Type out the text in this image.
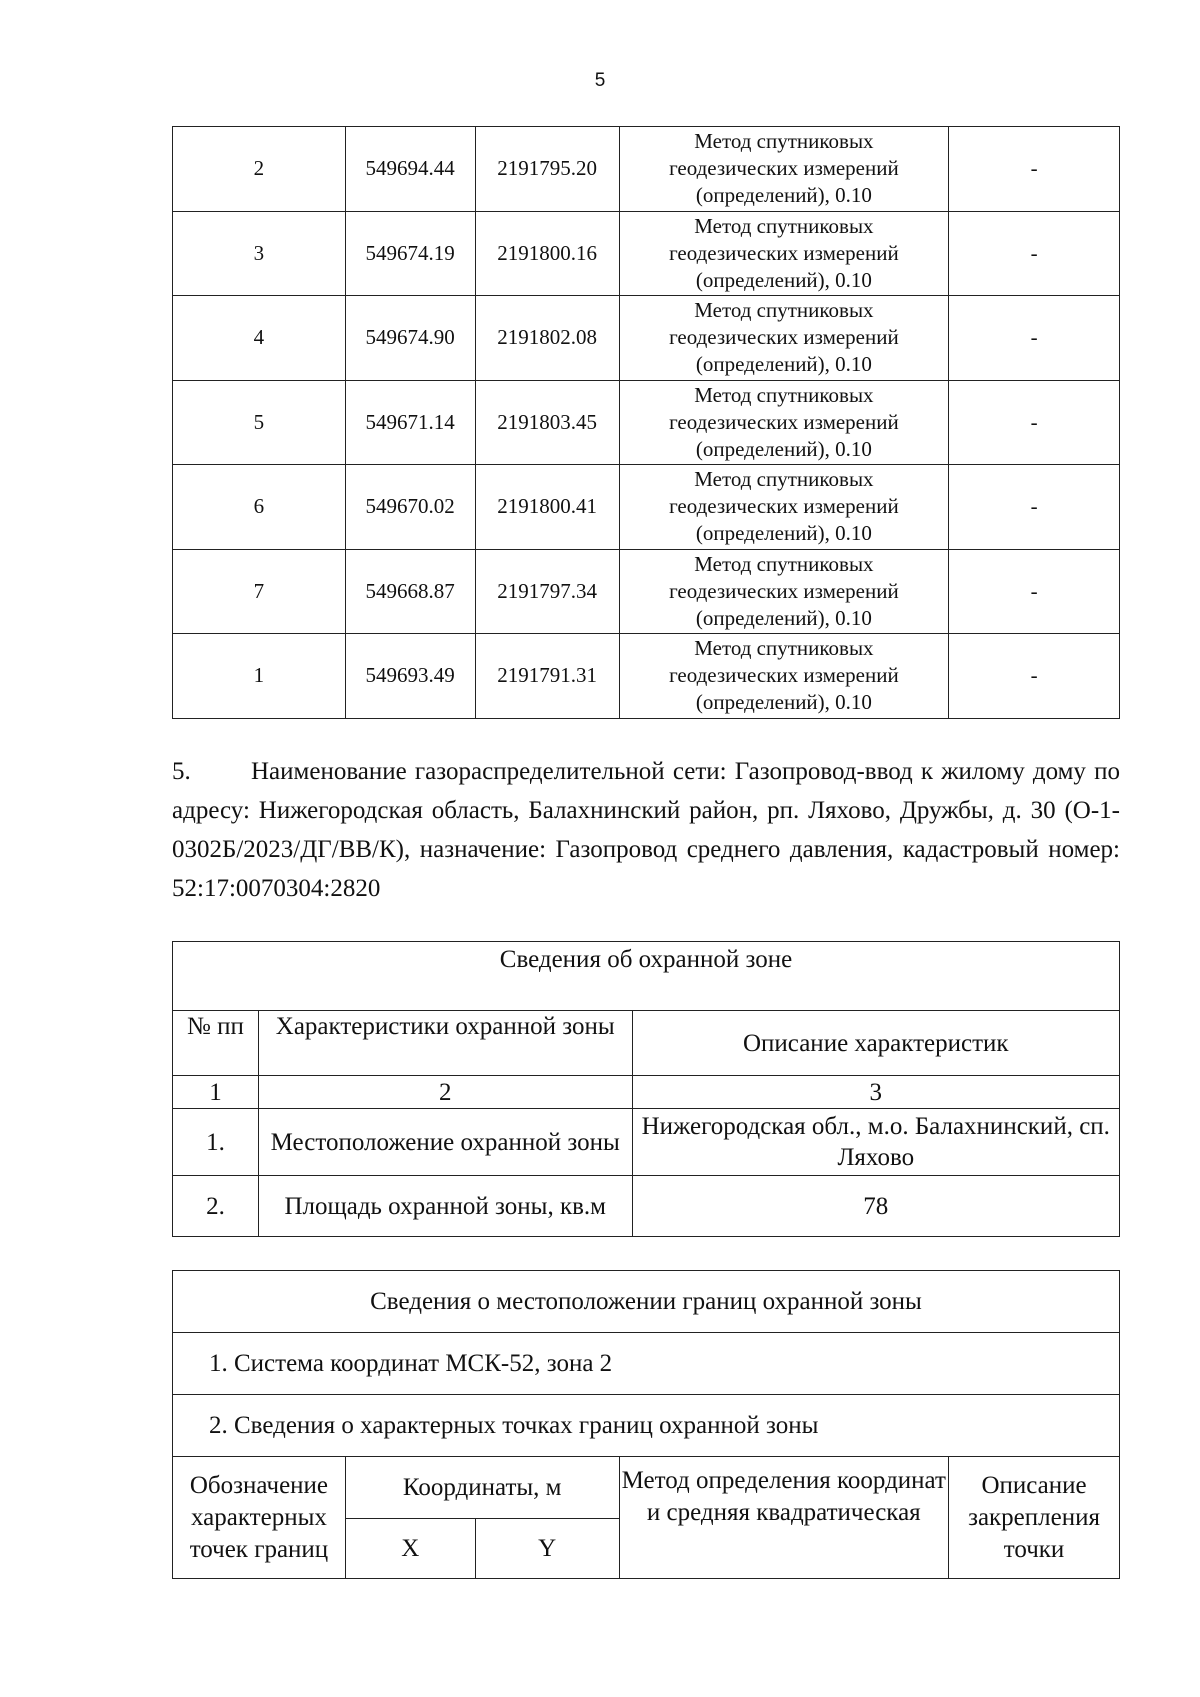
5
2	549694.44	2191795.20	Метод спутниковых
геодезических измерений
(определений), 0.10	-
3	549674.19	2191800.16	Метод спутниковых
геодезических измерений
(определений), 0.10	-
4	549674.90	2191802.08	Метод спутниковых
геодезических измерений
(определений), 0.10	-
5	549671.14	2191803.45	Метод спутниковых
геодезических измерений
(определений), 0.10	-
6	549670.02	2191800.41	Метод спутниковых
геодезических измерений
(определений), 0.10	-
7	549668.87	2191797.34	Метод спутниковых
геодезических измерений
(определений), 0.10	-
1	549693.49	2191791.31	Метод спутниковых
геодезических измерений
(определений), 0.10	-

5. Наименование газораспределительной сети: Газопровод-ввод к жилому дому по адресу: Нижегородская область, Балахнинский район, рп. Ляхово, Дружбы, д. 30 (О-1-0302Б/2023/ДГ/ВВ/К), назначение: Газопровод среднего давления, кадастровый номер: 52:17:0070304:2820

Сведения об охранной зоне		
№ пп	Характеристики охранной зоны	Описание характеристик
1	2	3
1.	Местоположение охранной зоны	Нижегородская обл., м.о. Балахнинский, сп. Ляхово
2.	Площадь охранной зоны, кв.м	78
Сведения о местоположении границ охранной зоны				
1. Система координат МСК-52, зона 2				
2. Сведения о характерных точках границ охранной зоны				
Обозначение характерных точек границ	Координаты, м		Метод определения координат и средняя квадратическая	Описание закрепления точки
	X	Y		
